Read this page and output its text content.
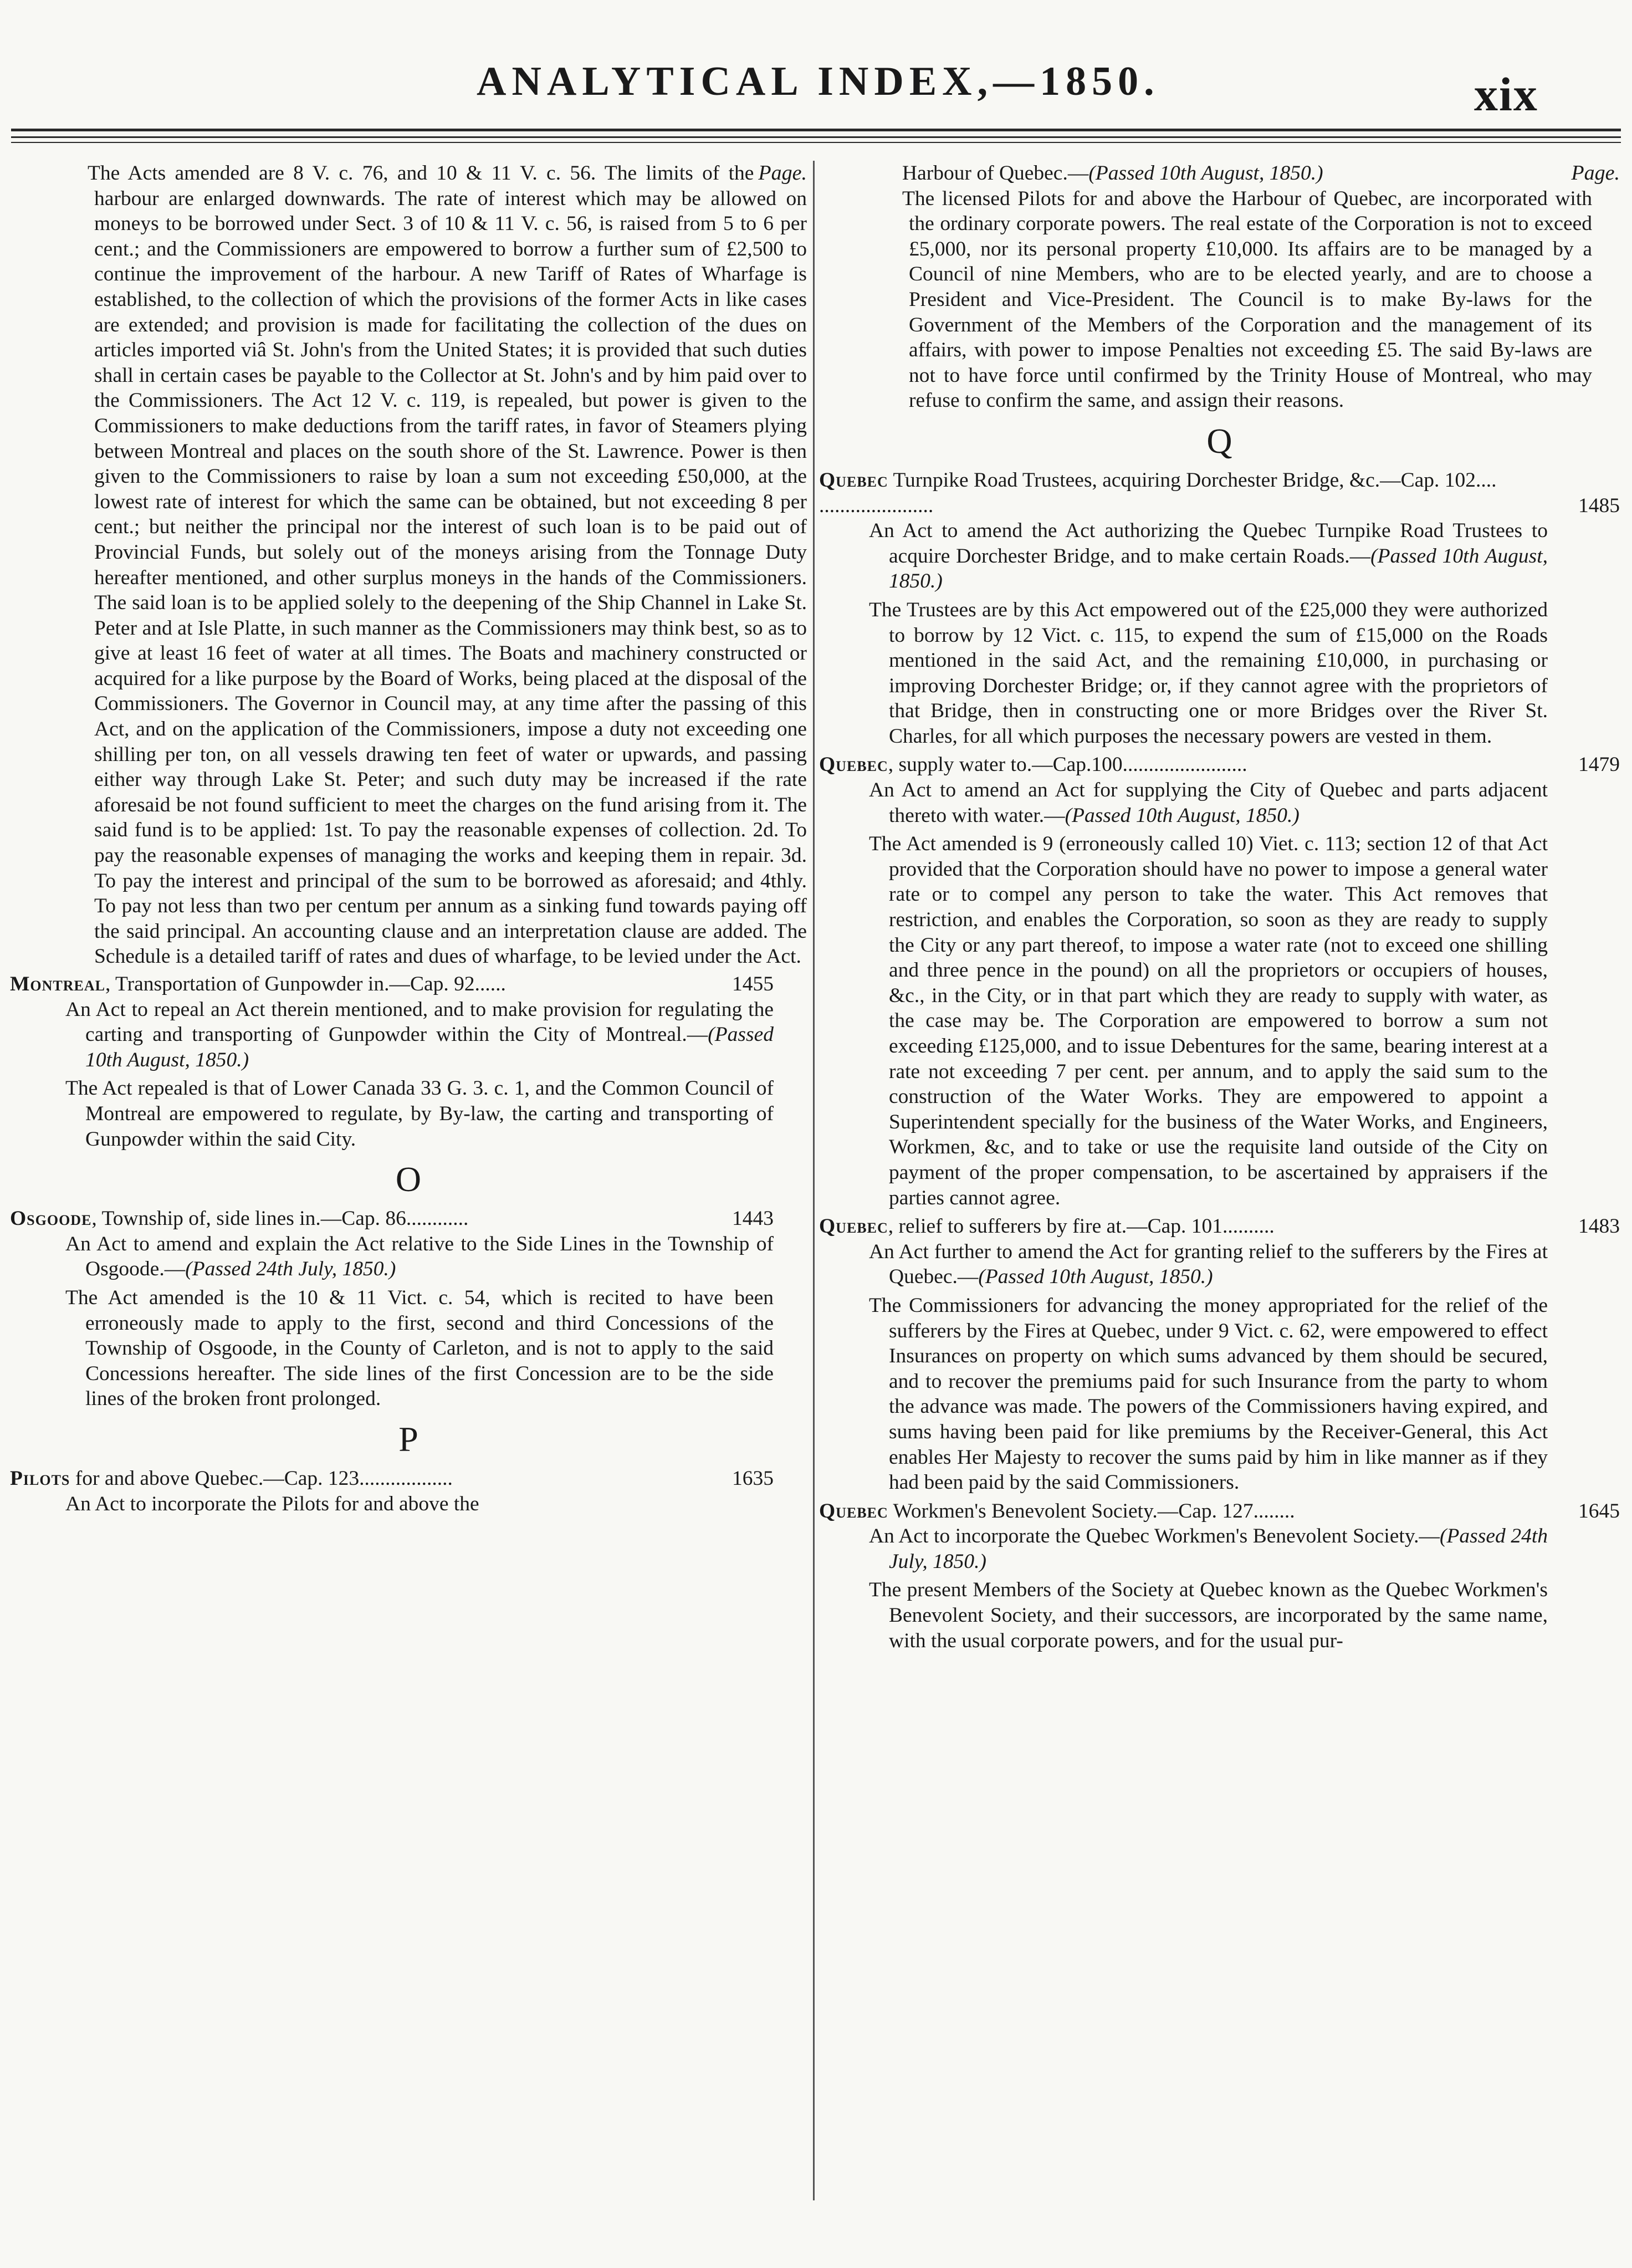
ANALYTICAL INDEX,—1850.	xix

Page.
The Acts amended are 8 V. c. 76, and 10 & 11 V. c. 56. The limits of the harbour are enlarged downwards. The rate of interest which may be allowed on moneys to be borrowed under Sect. 3 of 10 & 11 V. c. 56, is raised from 5 to 6 per cent.; and the Commissioners are empowered to borrow a further sum of £2,500 to continue the improvement of the harbour. A new Tariff of Rates of Wharfage is established, to the collection of which the provisions of the former Acts in like cases are extended; and provision is made for facilitating the collection of the dues on articles imported viâ St. John's from the United States; it is provided that such duties shall in certain cases be payable to the Collector at St. John's and by him paid over to the Commissioners. The Act 12 V. c. 119, is repealed, but power is given to the Commissioners to make deductions from the tariff rates, in favor of Steamers plying between Montreal and places on the south shore of the St. Lawrence. Power is then given to the Commissioners to raise by loan a sum not exceeding £50,000, at the lowest rate of interest for which the same can be obtained, but not exceeding 8 per cent.; but neither the principal nor the interest of such loan is to be paid out of Provincial Funds, but solely out of the moneys arising from the Tonnage Duty hereafter mentioned, and other surplus moneys in the hands of the Commissioners. The said loan is to be applied solely to the deepening of the Ship Channel in Lake St. Peter and at Isle Platte, in such manner as the Commissioners may think best, so as to give at least 16 feet of water at all times. The Boats and machinery constructed or acquired for a like purpose by the Board of Works, being placed at the disposal of the Commissioners. The Governor in Council may, at any time after the passing of this Act, and on the application of the Commissioners, impose a duty not exceeding one shilling per ton, on all vessels drawing ten feet of water or upwards, and passing either way through Lake St. Peter; and such duty may be increased if the rate aforesaid be not found sufficient to meet the charges on the fund arising from it. The said fund is to be applied: 1st. To pay the reasonable expenses of collection. 2d. To pay the reasonable expenses of managing the works and keeping them in repair. 3d. To pay the interest and principal of the sum to be borrowed as aforesaid; and 4thly. To pay not less than two per centum per annum as a sinking fund towards paying off the said principal. An accounting clause and an interpretation clause are added. The Schedule is a detailed tariff of rates and dues of wharfage, to be levied under the Act.

Montreal, Transportation of Gunpowder in.—Cap. 92......	1455

An Act to repeal an Act therein mentioned, and to make provision for regulating the carting and transporting of Gunpowder within the City of Montreal.—(Passed 10th August, 1850.)

The Act repealed is that of Lower Canada 33 G. 3. c. 1, and the Common Council of Montreal are empowered to regulate, by By-law, the carting and transporting of Gunpowder within the said City.

O
Osgoode, Township of, side lines in.—Cap. 86............	1443

An Act to amend and explain the Act relative to the Side Lines in the Township of Osgoode.—(Passed 24th July, 1850.)

The Act amended is the 10 & 11 Vict. c. 54, which is recited to have been erroneously made to apply to the first, second and third Concessions of the Township of Osgoode, in the County of Carleton, and is not to apply to the said Concessions hereafter. The side lines of the first Concession are to be the side lines of the broken front prolonged.

P
Pilots for and above Quebec.—Cap. 123..................	1635

An Act to incorporate the Pilots for and above the

Page.
Harbour of Quebec.—(Passed 10th August, 1850.)

The licensed Pilots for and above the Harbour of Quebec, are incorporated with the ordinary corporate powers. The real estate of the Corporation is not to exceed £5,000, nor its personal property £10,000. Its affairs are to be managed by a Council of nine Members, who are to be elected yearly, and are to choose a President and Vice-President. The Council is to make By-laws for the Government of the Members of the Corporation and the management of its affairs, with power to impose Penalties not exceeding £5. The said By-laws are not to have force until confirmed by the Trinity House of Montreal, who may refuse to confirm the same, and assign their reasons.

Q
Quebec Turnpike Road Trustees, acquiring Dorchester Bridge, &c.—Cap. 102.... ......................	1485

An Act to amend the Act authorizing the Quebec Turnpike Road Trustees to acquire Dorchester Bridge, and to make certain Roads.—(Passed 10th August, 1850.)

The Trustees are by this Act empowered out of the £25,000 they were authorized to borrow by 12 Vict. c. 115, to expend the sum of £15,000 on the Roads mentioned in the said Act, and the remaining £10,000, in purchasing or improving Dorchester Bridge; or, if they cannot agree with the proprietors of that Bridge, then in constructing one or more Bridges over the River St. Charles, for all which purposes the necessary powers are vested in them.

Quebec, supply water to.—Cap.100........................	1479

An Act to amend an Act for supplying the City of Quebec and parts adjacent thereto with water.—(Passed 10th August, 1850.)

The Act amended is 9 (erroneously called 10) Viet. c. 113; section 12 of that Act provided that the Corporation should have no power to impose a general water rate or to compel any person to take the water. This Act removes that restriction, and enables the Corporation, so soon as they are ready to supply the City or any part thereof, to impose a water rate (not to exceed one shilling and three pence in the pound) on all the proprietors or occupiers of houses, &c., in the City, or in that part which they are ready to supply with water, as the case may be. The Corporation are empowered to borrow a sum not exceeding £125,000, and to issue Debentures for the same, bearing interest at a rate not exceeding 7 per cent. per annum, and to apply the said sum to the construction of the Water Works. They are empowered to appoint a Superintendent specially for the business of the Water Works, and Engineers, Workmen, &c, and to take or use the requisite land outside of the City on payment of the proper compensation, to be ascertained by appraisers if the parties cannot agree.

Quebec, relief to sufferers by fire at.—Cap. 101..........	1483

An Act further to amend the Act for granting relief to the sufferers by the Fires at Quebec.—(Passed 10th August, 1850.)

The Commissioners for advancing the money appropriated for the relief of the sufferers by the Fires at Quebec, under 9 Vict. c. 62, were empowered to effect Insurances on property on which sums advanced by them should be secured, and to recover the premiums paid for such Insurance from the party to whom the advance was made. The powers of the Commissioners having expired, and sums having been paid for like premiums by the Receiver-General, this Act enables Her Majesty to recover the sums paid by him in like manner as if they had been paid by the said Commissioners.

Quebec Workmen's Benevolent Society.—Cap. 127........	1645

An Act to incorporate the Quebec Workmen's Benevolent Society.—(Passed 24th July, 1850.)

The present Members of the Society at Quebec known as the Quebec Workmen's Benevolent Society, and their successors, are incorporated by the same name, with the usual corporate powers, and for the usual pur-
